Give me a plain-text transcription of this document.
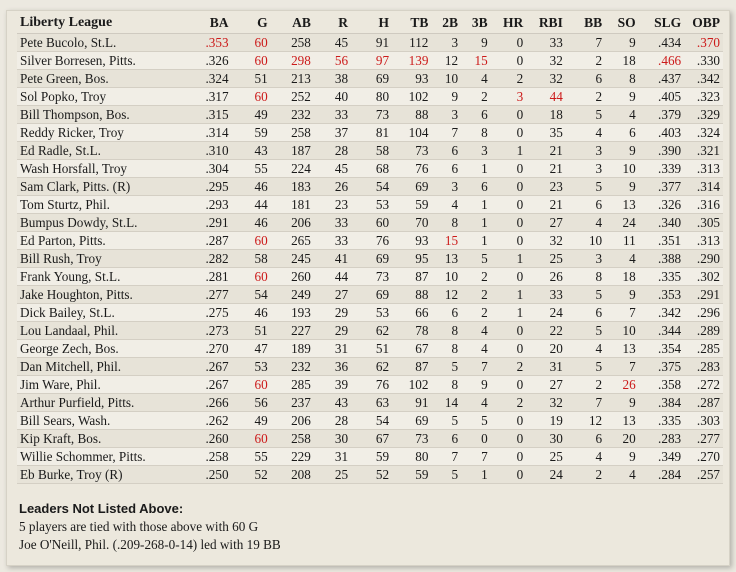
Liberty League	BA	G	AB	R	H	TB	2B	3B	HR	RBI	BB	SO	SLG	OBP
Pete Bucolo, St.L.	.353	60	258	45	91	112	3	9	0	33	7	9	.434	.370
Silver Borresen, Pitts.	.326	60	298	56	97	139	12	15	0	32	2	18	.466	.330
Pete Green, Bos.	.324	51	213	38	69	93	10	4	2	32	6	8	.437	.342
Sol Popko, Troy	.317	60	252	40	80	102	9	2	3	44	2	9	.405	.323
Bill Thompson, Bos.	.315	49	232	33	73	88	3	6	0	18	5	4	.379	.329
Reddy Ricker, Troy	.314	59	258	37	81	104	7	8	0	35	4	6	.403	.324
Ed Radle, St.L.	.310	43	187	28	58	73	6	3	1	21	3	9	.390	.321
Wash Horsfall, Troy	.304	55	224	45	68	76	6	1	0	21	3	10	.339	.313
Sam Clark, Pitts. (R)	.295	46	183	26	54	69	3	6	0	23	5	9	.377	.314
Tom Sturtz, Phil.	.293	44	181	23	53	59	4	1	0	21	6	13	.326	.316
Bumpus Dowdy, St.L.	.291	46	206	33	60	70	8	1	0	27	4	24	.340	.305
Ed Parton, Pitts.	.287	60	265	33	76	93	15	1	0	32	10	11	.351	.313
Bill Rush, Troy	.282	58	245	41	69	95	13	5	1	25	3	4	.388	.290
Frank Young, St.L.	.281	60	260	44	73	87	10	2	0	26	8	18	.335	.302
Jake Houghton, Pitts.	.277	54	249	27	69	88	12	2	1	33	5	9	.353	.291
Dick Bailey, St.L.	.275	46	193	29	53	66	6	2	1	24	6	7	.342	.296
Lou Landaal, Phil.	.273	51	227	29	62	78	8	4	0	22	5	10	.344	.289
George Zech, Bos.	.270	47	189	31	51	67	8	4	0	20	4	13	.354	.285
Dan Mitchell, Phil.	.267	53	232	36	62	87	5	7	2	31	5	7	.375	.283
Jim Ware, Phil.	.267	60	285	39	76	102	8	9	0	27	2	26	.358	.272
Arthur Purfield, Pitts.	.266	56	237	43	63	91	14	4	2	32	7	9	.384	.287
Bill Sears, Wash.	.262	49	206	28	54	69	5	5	0	19	12	13	.335	.303
Kip Kraft, Bos.	.260	60	258	30	67	73	6	0	0	30	6	20	.283	.277
Willie Schommer, Pitts.	.258	55	229	31	59	80	7	7	0	25	4	9	.349	.270
Eb Burke, Troy (R)	.250	52	208	25	52	59	5	1	0	24	2	4	.284	.257
Leaders Not Listed Above:
5 players are tied with those above with 60 G
Joe O'Neill, Phil. (.209-268-0-14) led with 19 BB
